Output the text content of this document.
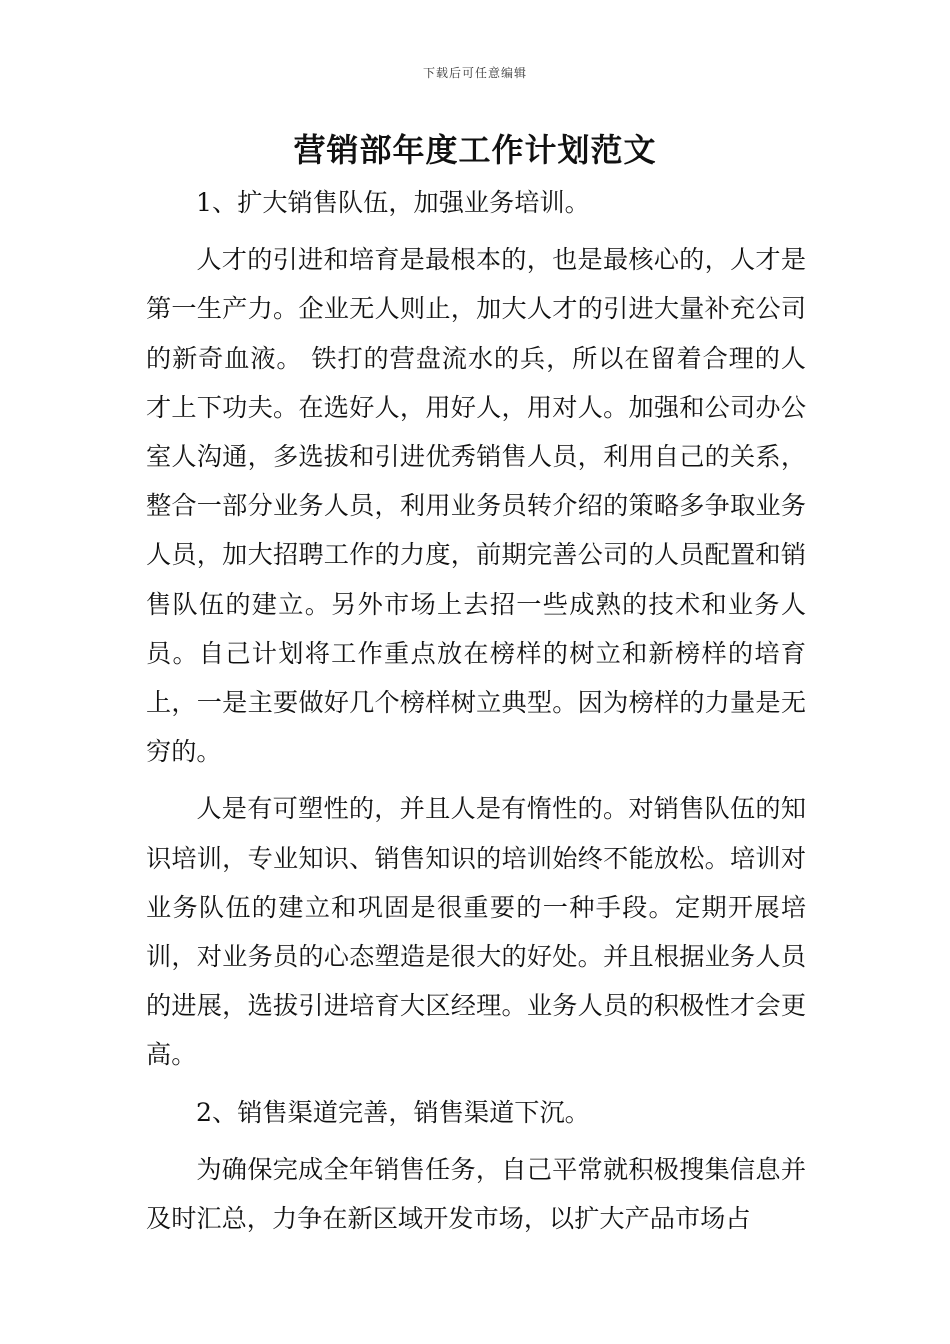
下载后可任意编辑
营销部年度工作计划范文

1、扩大销售队伍，加强业务培训。

人才的引进和培育是最根本的，也是最核心的，人才是第一生产力。企业无人则止，加大人才的引进大量补充公司的新奇血液。 铁打的营盘流水的兵，所以在留着合理的人才上下功夫。在选好人，用好人，用对人。加强和公司办公室人沟通，多选拔和引进优秀销售人员，利用自己的关系，整合一部分业务人员，利用业务员转介绍的策略多争取业务人员，加大招聘工作的力度，前期完善公司的人员配置和销售队伍的建立。另外市场上去招一些成熟的技术和业务人员。自己计划将工作重点放在榜样的树立和新榜样的培育上，一是主要做好几个榜样树立典型。因为榜样的力量是无穷的。

人是有可塑性的，并且人是有惰性的。对销售队伍的知识培训，专业知识、销售知识的培训始终不能放松。培训对业务队伍的建立和巩固是很重要的一种手段。定期开展培训，对业务员的心态塑造是很大的好处。并且根据业务人员的进展，选拔引进培育大区经理。业务人员的积极性才会更高。

2、销售渠道完善，销售渠道下沉。

为确保完成全年销售任务，自己平常就积极搜集信息并及时汇总，力争在新区域开发市场，以扩大产品市场占
